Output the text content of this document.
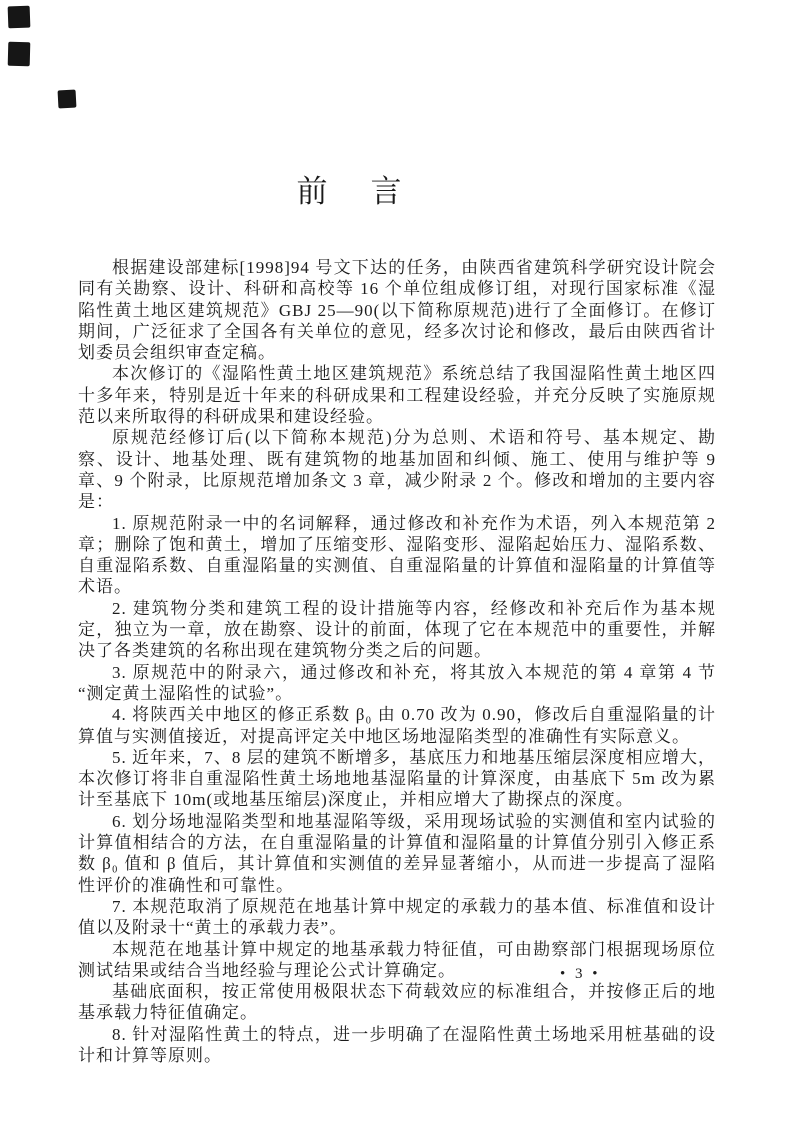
前　言

根据建设部建标[1998]94 号文下达的任务，由陕西省建筑科学研究设计院会同有关勘察、设计、科研和高校等 16 个单位组成修订组，对现行国家标准《湿陷性黄土地区建筑规范》GBJ 25—90(以下简称原规范)进行了全面修订。在修订期间，广泛征求了全国各有关单位的意见，经多次讨论和修改，最后由陕西省计划委员会组织审查定稿。

本次修订的《湿陷性黄土地区建筑规范》系统总结了我国湿陷性黄土地区四十多年来，特别是近十年来的科研成果和工程建设经验，并充分反映了实施原规范以来所取得的科研成果和建设经验。

原规范经修订后(以下简称本规范)分为总则、术语和符号、基本规定、勘察、设计、地基处理、既有建筑物的地基加固和纠倾、施工、使用与维护等 9 章、9 个附录，比原规范增加条文 3 章，减少附录 2 个。修改和增加的主要内容是：

1. 原规范附录一中的名词解释，通过修改和补充作为术语，列入本规范第 2 章；删除了饱和黄土，增加了压缩变形、湿陷变形、湿陷起始压力、湿陷系数、自重湿陷系数、自重湿陷量的实测值、自重湿陷量的计算值和湿陷量的计算值等术语。

2. 建筑物分类和建筑工程的设计措施等内容，经修改和补充后作为基本规定，独立为一章，放在勘察、设计的前面，体现了它在本规范中的重要性，并解决了各类建筑的名称出现在建筑物分类之后的问题。

3. 原规范中的附录六，通过修改和补充，将其放入本规范的第 4 章第 4 节“测定黄土湿陷性的试验”。

4. 将陕西关中地区的修正系数 β₀ 由 0.70 改为 0.90，修改后自重湿陷量的计算值与实测值接近，对提高评定关中地区场地湿陷类型的准确性有实际意义。

5. 近年来，7、8 层的建筑不断增多，基底压力和地基压缩层深度相应增大，本次修订将非自重湿陷性黄土场地地基湿陷量的计算深度，由基底下 5m 改为累计至基底下 10m(或地基压缩层)深度止，并相应增大了勘探点的深度。

6. 划分场地湿陷类型和地基湿陷等级，采用现场试验的实测值和室内试验的计算值相结合的方法，在自重湿陷量的计算值和湿陷量的计算值分别引入修正系数 β₀ 值和 β 值后，其计算值和实测值的差异显著缩小，从而进一步提高了湿陷性评价的准确性和可靠性。

7. 本规范取消了原规范在地基计算中规定的承载力的基本值、标准值和设计值以及附录十“黄土的承载力表”。

本规范在地基计算中规定的地基承载力特征值，可由勘察部门根据现场原位测试结果或结合当地经验与理论公式计算确定。

基础底面积，按正常使用极限状态下荷载效应的标准组合，并按修正后的地基承载力特征值确定。

8. 针对湿陷性黄土的特点，进一步明确了在湿陷性黄土场地采用桩基础的设计和计算等原则。

• 3 •
